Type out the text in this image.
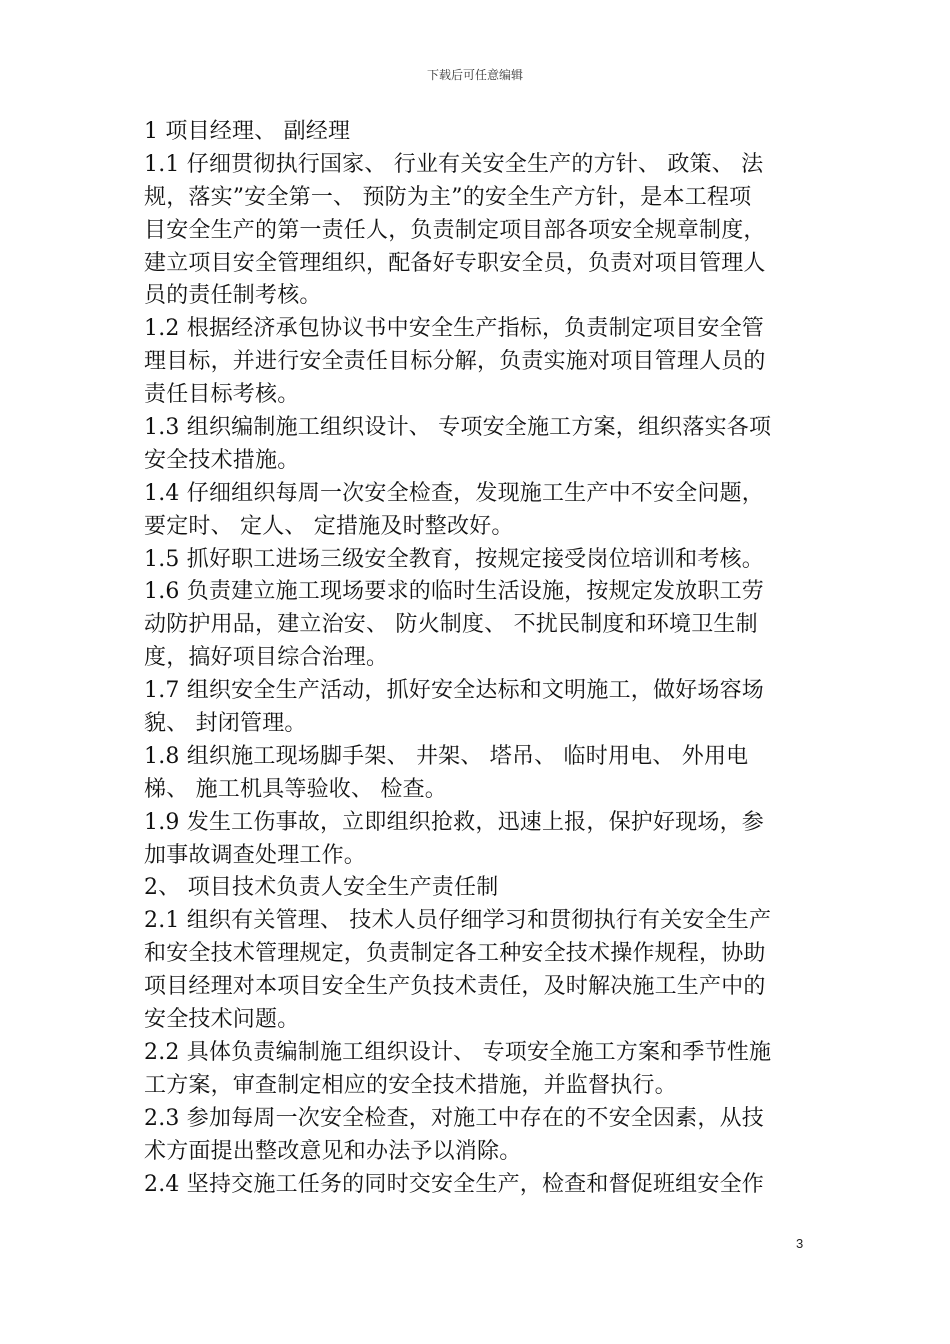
下载后可任意编辑
1 项目经理、 副经理
1.1 仔细贯彻执行国家、 行业有关安全生产的方针、 政策、 法
规，落实”安全第一、 预防为主”的安全生产方针，是本工程项
目安全生产的第一责任人，负责制定项目部各项安全规章制度，
建立项目安全管理组织，配备好专职安全员，负责对项目管理人
员的责任制考核。
1.2 根据经济承包协议书中安全生产指标，负责制定项目安全管
理目标，并进行安全责任目标分解，负责实施对项目管理人员的
责任目标考核。
1.3 组织编制施工组织设计、 专项安全施工方案，组织落实各项
安全技术措施。
1.4 仔细组织每周一次安全检查，发现施工生产中不安全问题，
要定时、 定人、 定措施及时整改好。
1.5 抓好职工进场三级安全教育，按规定接受岗位培训和考核。
1.6 负责建立施工现场要求的临时生活设施，按规定发放职工劳
动防护用品，建立治安、 防火制度、 不扰民制度和环境卫生制
度，搞好项目综合治理。
1.7 组织安全生产活动，抓好安全达标和文明施工，做好场容场
貌、 封闭管理。
1.8 组织施工现场脚手架、 井架、 塔吊、 临时用电、 外用电
梯、 施工机具等验收、 检查。
1.9 发生工伤事故，立即组织抢救，迅速上报，保护好现场，参
加事故调查处理工作。
2、 项目技术负责人安全生产责任制
2.1 组织有关管理、 技术人员仔细学习和贯彻执行有关安全生产
和安全技术管理规定，负责制定各工种安全技术操作规程，协助
项目经理对本项目安全生产负技术责任，及时解决施工生产中的
安全技术问题。
2.2 具体负责编制施工组织设计、 专项安全施工方案和季节性施
工方案，审查制定相应的安全技术措施，并监督执行。
2.3 参加每周一次安全检查，对施工中存在的不安全因素，从技
术方面提出整改意见和办法予以消除。
2.4 坚持交施工任务的同时交安全生产，检查和督促班组安全作
3
